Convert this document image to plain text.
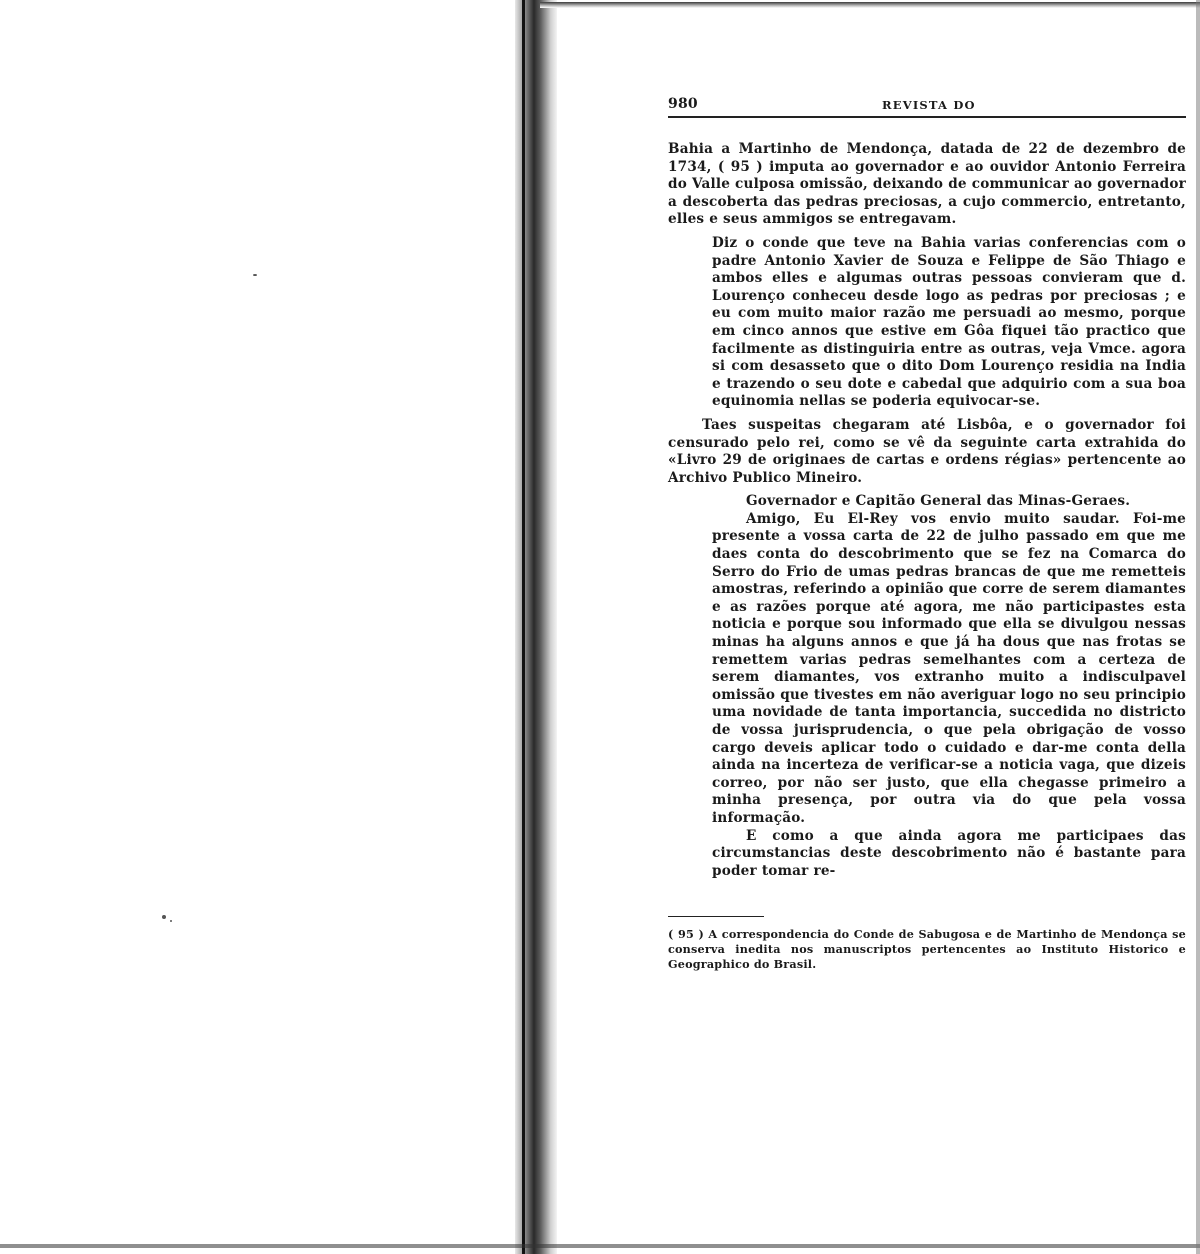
980	REVISTA DO

Bahia a Martinho de Mendonça, datada de 22 de dezembro de 1734, ( 95 ) imputa ao governador e ao ouvidor Antonio Ferreira do Valle culposa omissão, deixando de communicar ao governador a descoberta das pedras preciosas, a cujo commercio, entretanto, elles e seus ammigos se entregavam.

Diz o conde que teve na Bahia varias conferencias com o padre Antonio Xavier de Souza e Felippe de São Thiago e ambos elles e algumas outras pessoas convieram que d. Lourenço conheceu desde logo as pedras por preciosas ; e eu com muito maior razão me persuadi ao mesmo, porque em cinco annos que estive em Gôa fiquei tão practico que facilmente as distinguiria entre as outras, veja Vmce. agora si com desasseto que o dito Dom Lourenço residia na India e trazendo o seu dote e cabedal que adquirio com a sua boa equinomia nellas se poderia equivocar-se.

Taes suspeitas chegaram até Lisbôa, e o governador foi censurado pelo rei, como se vê da seguinte carta extrahida do «Livro 29 de originaes de cartas e ordens régias» pertencente ao Archivo Publico Mineiro.

Governador e Capitão General das Minas-Geraes.

Amigo, Eu El-Rey vos envio muito saudar. Foi-me presente a vossa carta de 22 de julho passado em que me daes conta do descobrimento que se fez na Comarca do Serro do Frio de umas pedras brancas de que me remetteis amostras, referindo a opinião que corre de serem diamantes e as razões porque até agora, me não participastes esta noticia e porque sou informado que ella se divulgou nessas minas ha alguns annos e que já ha dous que nas frotas se remettem varias pedras semelhantes com a certeza de serem diamantes, vos extranho muito a indisculpavel omissão que tivestes em não averiguar logo no seu principio uma novidade de tanta importancia, succedida no districto de vossa jurisprudencia, o que pela obrigação de vosso cargo deveis aplicar todo o cuidado e dar-me conta della ainda na incerteza de verificar-se a noticia vaga, que dizeis correo, por não ser justo, que ella chegasse primeiro a minha presença, por outra via do que pela vossa informação.

E como a que ainda agora me participaes das circumstancias deste descobrimento não é bastante para poder tomar re-

( 95 ) A correspondencia do Conde de Sabugosa e de Martinho de Mendonça se conserva inedita nos manuscriptos pertencentes ao Instituto Historico e Geographico do Brasil.
